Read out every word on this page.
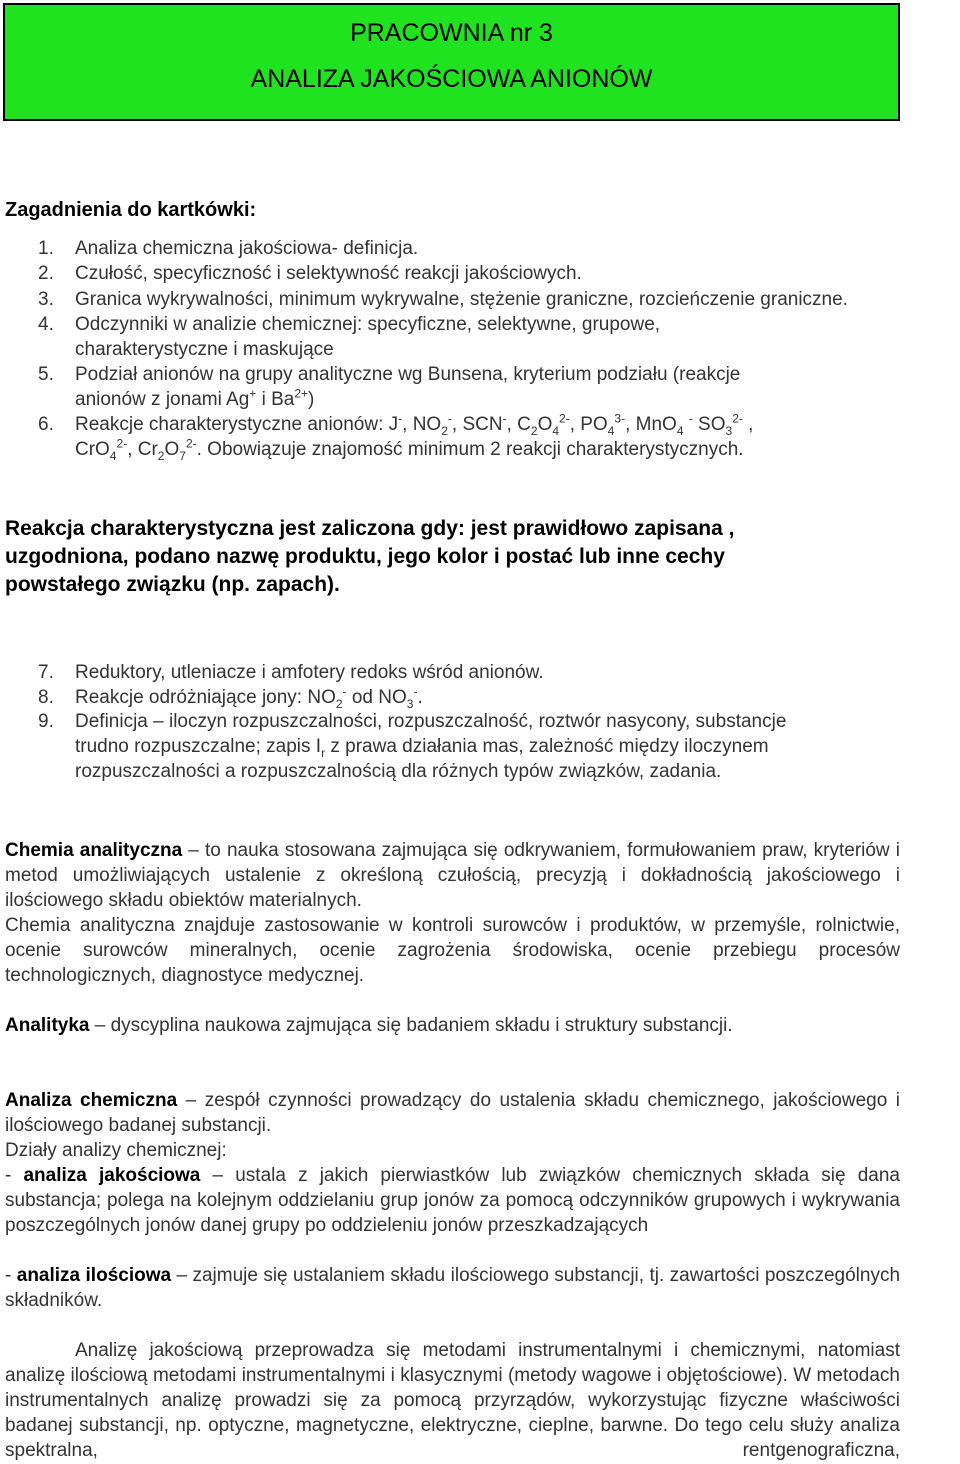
PRACOWNIA nr 3
ANALIZA JAKOŚCIOWA ANIONÓW
Zagadnienia do kartkówki:
1. Analiza chemiczna jakościowa- definicja.
2. Czułość, specyficzność i selektywność reakcji jakościowych.
3. Granica wykrywalności, minimum wykrywalne, stężenie graniczne, rozcieńczenie graniczne.
4. Odczynniki w analizie chemicznej: specyficzne, selektywne, grupowe,
charakterystyczne i maskujące
5. Podział anionów na grupy analityczne wg Bunsena, kryterium podziału (reakcje
anionów z jonami Ag+ i $Ba^{2+}$)
6. Reakcje charakterystyczne anionów: J-, $NO_2^-$, SCN-, $C_2O_4^{2-}$, $PO_4^{3-}$, MnO$_4$ - $SO_3^{2-}$ ,
CrO$_4^{2-}$, $Cr_2O_7^{2-}$. Obowiązuje znajomość minimum 2 reakcji charakterystycznych.
Reakcja charakterystyczna jest zaliczona gdy: jest prawidłowo zapisana ,
uzgodniona, podano nazwę produktu, jego kolor i postać lub inne cechy
powstałego związku (np. zapach).
7. Reduktory, utleniacze i amfotery redoks wśród anionów.
8. Reakcje odróżniające jony: $NO_2^-$ od $NO_3^-$.
9. Definicja – iloczyn rozpuszczalności, rozpuszczalność, roztwór nasycony, substancje
trudno rozpuszczalne; zapis $I_r$ z prawa działania mas, zależność między iloczynem
rozpuszczalności a rozpuszczalnością dla różnych typów związków, zadania.
Chemia analityczna – to nauka stosowana zajmująca się odkrywaniem, formułowaniem praw, kryteriów i metod umożliwiających ustalenie z określoną czułością, precyzją i dokładnością jakościowego i ilościowego składu obiektów materialnych.
Chemia analityczna znajduje zastosowanie w kontroli surowców i produktów, w przemyśle, rolnictwie, ocenie surowców mineralnych, ocenie zagrożenia środowiska, ocenie przebiegu procesów technologicznych, diagnostyce medycznej.
Analityka – dyscyplina naukowa zajmująca się badaniem składu i struktury substancji.
Analiza chemiczna – zespół czynności prowadzący do ustalenia składu chemicznego, jakościowego i ilościowego badanej substancji.
Działy analizy chemicznej:
- analiza jakościowa – ustala z jakich pierwiastków lub związków chemicznych składa się dana substancja; polega na kolejnym oddzielaniu grup jonów za pomocą odczynników grupowych i wykrywania poszczególnych jonów danej grupy po oddzieleniu jonów przeszkadzających
- analiza ilościowa – zajmuje się ustalaniem składu ilościowego substancji, tj. zawartości poszczególnych składników.
Analizę jakościową przeprowadza się metodami instrumentalnymi i chemicznymi, natomiast analizę ilościową metodami instrumentalnymi i klasycznymi (metody wagowe i objętościowe). W metodach instrumentalnych analizę prowadzi się za pomocą przyrządów, wykorzystując fizyczne właściwości badanej substancji, np. optyczne, magnetyczne, elektryczne, cieplne, barwne. Do tego celu służy analiza spektralna, rentgenograficzna,
